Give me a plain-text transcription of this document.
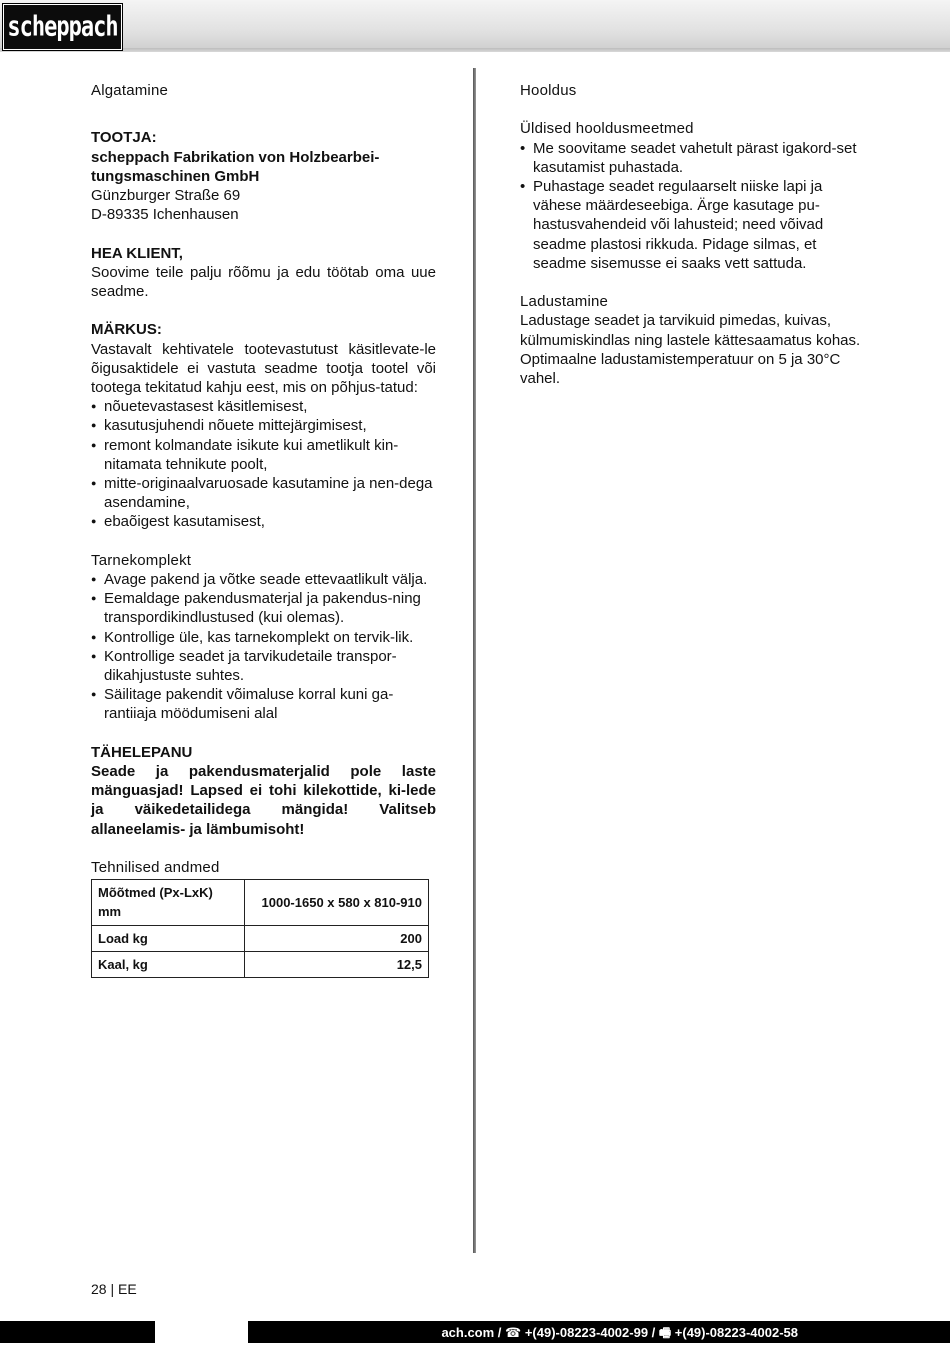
scheppach

Algatamine

TOOTJA:

scheppach Fabrikation von Holzbearbei-

tungsmaschinen GmbH

Günzburger Straße 69

D-89335 Ichenhausen

HEA KLIENT,

Soovime teile palju rõõmu ja edu töötab oma uue seadme.

MÄRKUS:

Vastavalt kehtivatele tootevastutust käsitlevate-le õigusaktidele ei vastuta seadme tootja tootel või tootega tekitatud kahju eest, mis on põhjus-tatud:

● nõuetevastasest käsitlemisest,
● kasutusjuhendi nõuete mittejärgimisest,
● remont kolmandate isikute kui ametlikult kin-nitamata tehnikute poolt,
● mitte-originaalvaruosade kasutamine ja nen-dega asendamine,
● ebaõigest kasutamisest,

Tarnekomplekt

● Avage pakend ja võtke seade ettevaatlikult välja.
● Eemaldage pakendusmaterjal ja pakendus-ning transpordikindlustused (kui olemas).
● Kontrollige üle, kas tarnekomplekt on tervik-lik.
● Kontrollige seadet ja tarvikudetaile transpor-dikahjustuste suhtes.
● Säilitage pakendit võimaluse korral kuni ga-rantiiaja möödumiseni alal

TÄHELEPANU

Seade ja pakendusmaterjalid pole laste mänguasjad! Lapsed ei tohi kilekottide, ki-lede ja väikedetailidega mängida! Valitseb allaneelamis- ja lämbumisoht!

Tehnilised andmed

Mõõtmed (Px-LxK) mm	1000-1650 x 580 x 810-910
Load kg	200
Kaal, kg	12,5

Hooldus

Üldised hooldusmeetmed

• Me soovitame seadet vahetult pärast igakord-set kasutamist puhastada.
• Puhastage seadet regulaarselt niiske lapi ja vähese määrdeseebiga. Ärge kasutage pu-hastusvahendeid või lahusteid; need võivad seadme plastosi rikkuda. Pidage silmas, et seadme sisemusse ei saaks vett sattuda.

Ladustamine

Ladustage seadet ja tarvikuid pimedas, kuivas, külmumiskindlas ning lastele kättesaamatus kohas. Optimaalne ladustamistemperatuur on 5 ja 30°C vahel.

28 | EE
ach.com / ☎ +(49)-08223-4002-99 / 🖷 +(49)-08223-4002-58
